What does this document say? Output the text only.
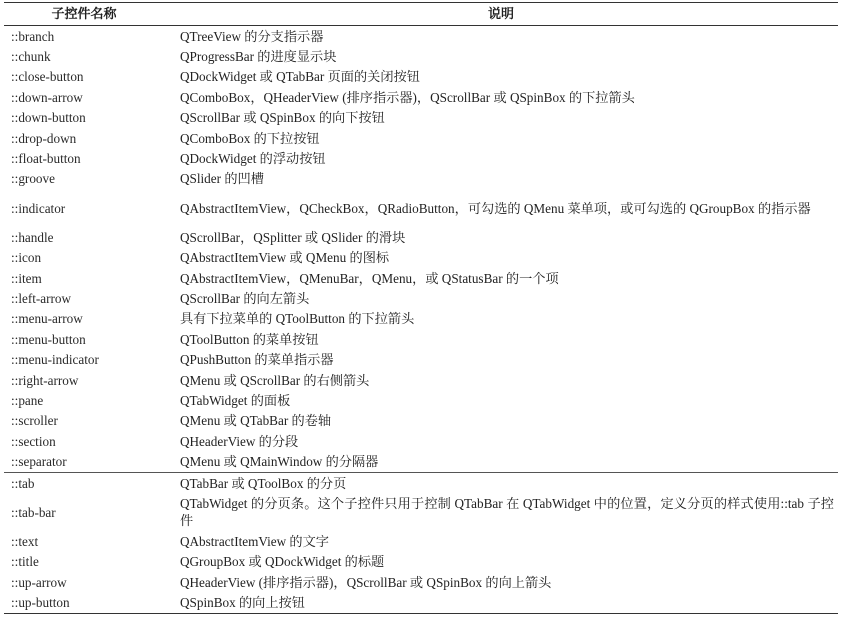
子控件名称	说明
::branch	QTreeView 的分支指示器
::chunk	QProgressBar 的进度显示块
::close-button	QDockWidget 或 QTabBar 页面的关闭按钮
::down-arrow	QComboBox，QHeaderView (排序指示器)，QScrollBar 或 QSpinBox 的下拉箭头
::down-button	QScrollBar 或 QSpinBox 的向下按钮
::drop-down	QComboBox 的下拉按钮
::float-button	QDockWidget 的浮动按钮
::groove	QSlider 的凹槽
::indicator	QAbstractItemView，QCheckBox，QRadioButton，可勾选的 QMenu 菜单项，或可勾选的 QGroupBox 的指示器
::handle	QScrollBar，QSplitter 或 QSlider 的滑块
::icon	QAbstractItemView 或 QMenu 的图标
::item	QAbstractItemView，QMenuBar，QMenu，或 QStatusBar 的一个项
::left-arrow	QScrollBar 的向左箭头
::menu-arrow	具有下拉菜单的 QToolButton 的下拉箭头
::menu-button	QToolButton 的菜单按钮
::menu-indicator	QPushButton 的菜单指示器
::right-arrow	QMenu 或 QScrollBar 的右侧箭头
::pane	QTabWidget 的面板
::scroller	QMenu 或 QTabBar 的卷轴
::section	QHeaderView 的分段
::separator	QMenu 或 QMainWindow 的分隔器
::tab	QTabBar 或 QToolBox 的分页
::tab-bar	QTabWidget 的分页条。这个子控件只用于控制 QTabBar 在 QTabWidget 中的位置，定义分页的样式使用::tab 子控件
::text	QAbstractItemView 的文字
::title	QGroupBox 或 QDockWidget 的标题
::up-arrow	QHeaderView (排序指示器)，QScrollBar 或 QSpinBox 的向上箭头
::up-button	QSpinBox 的向上按钮
